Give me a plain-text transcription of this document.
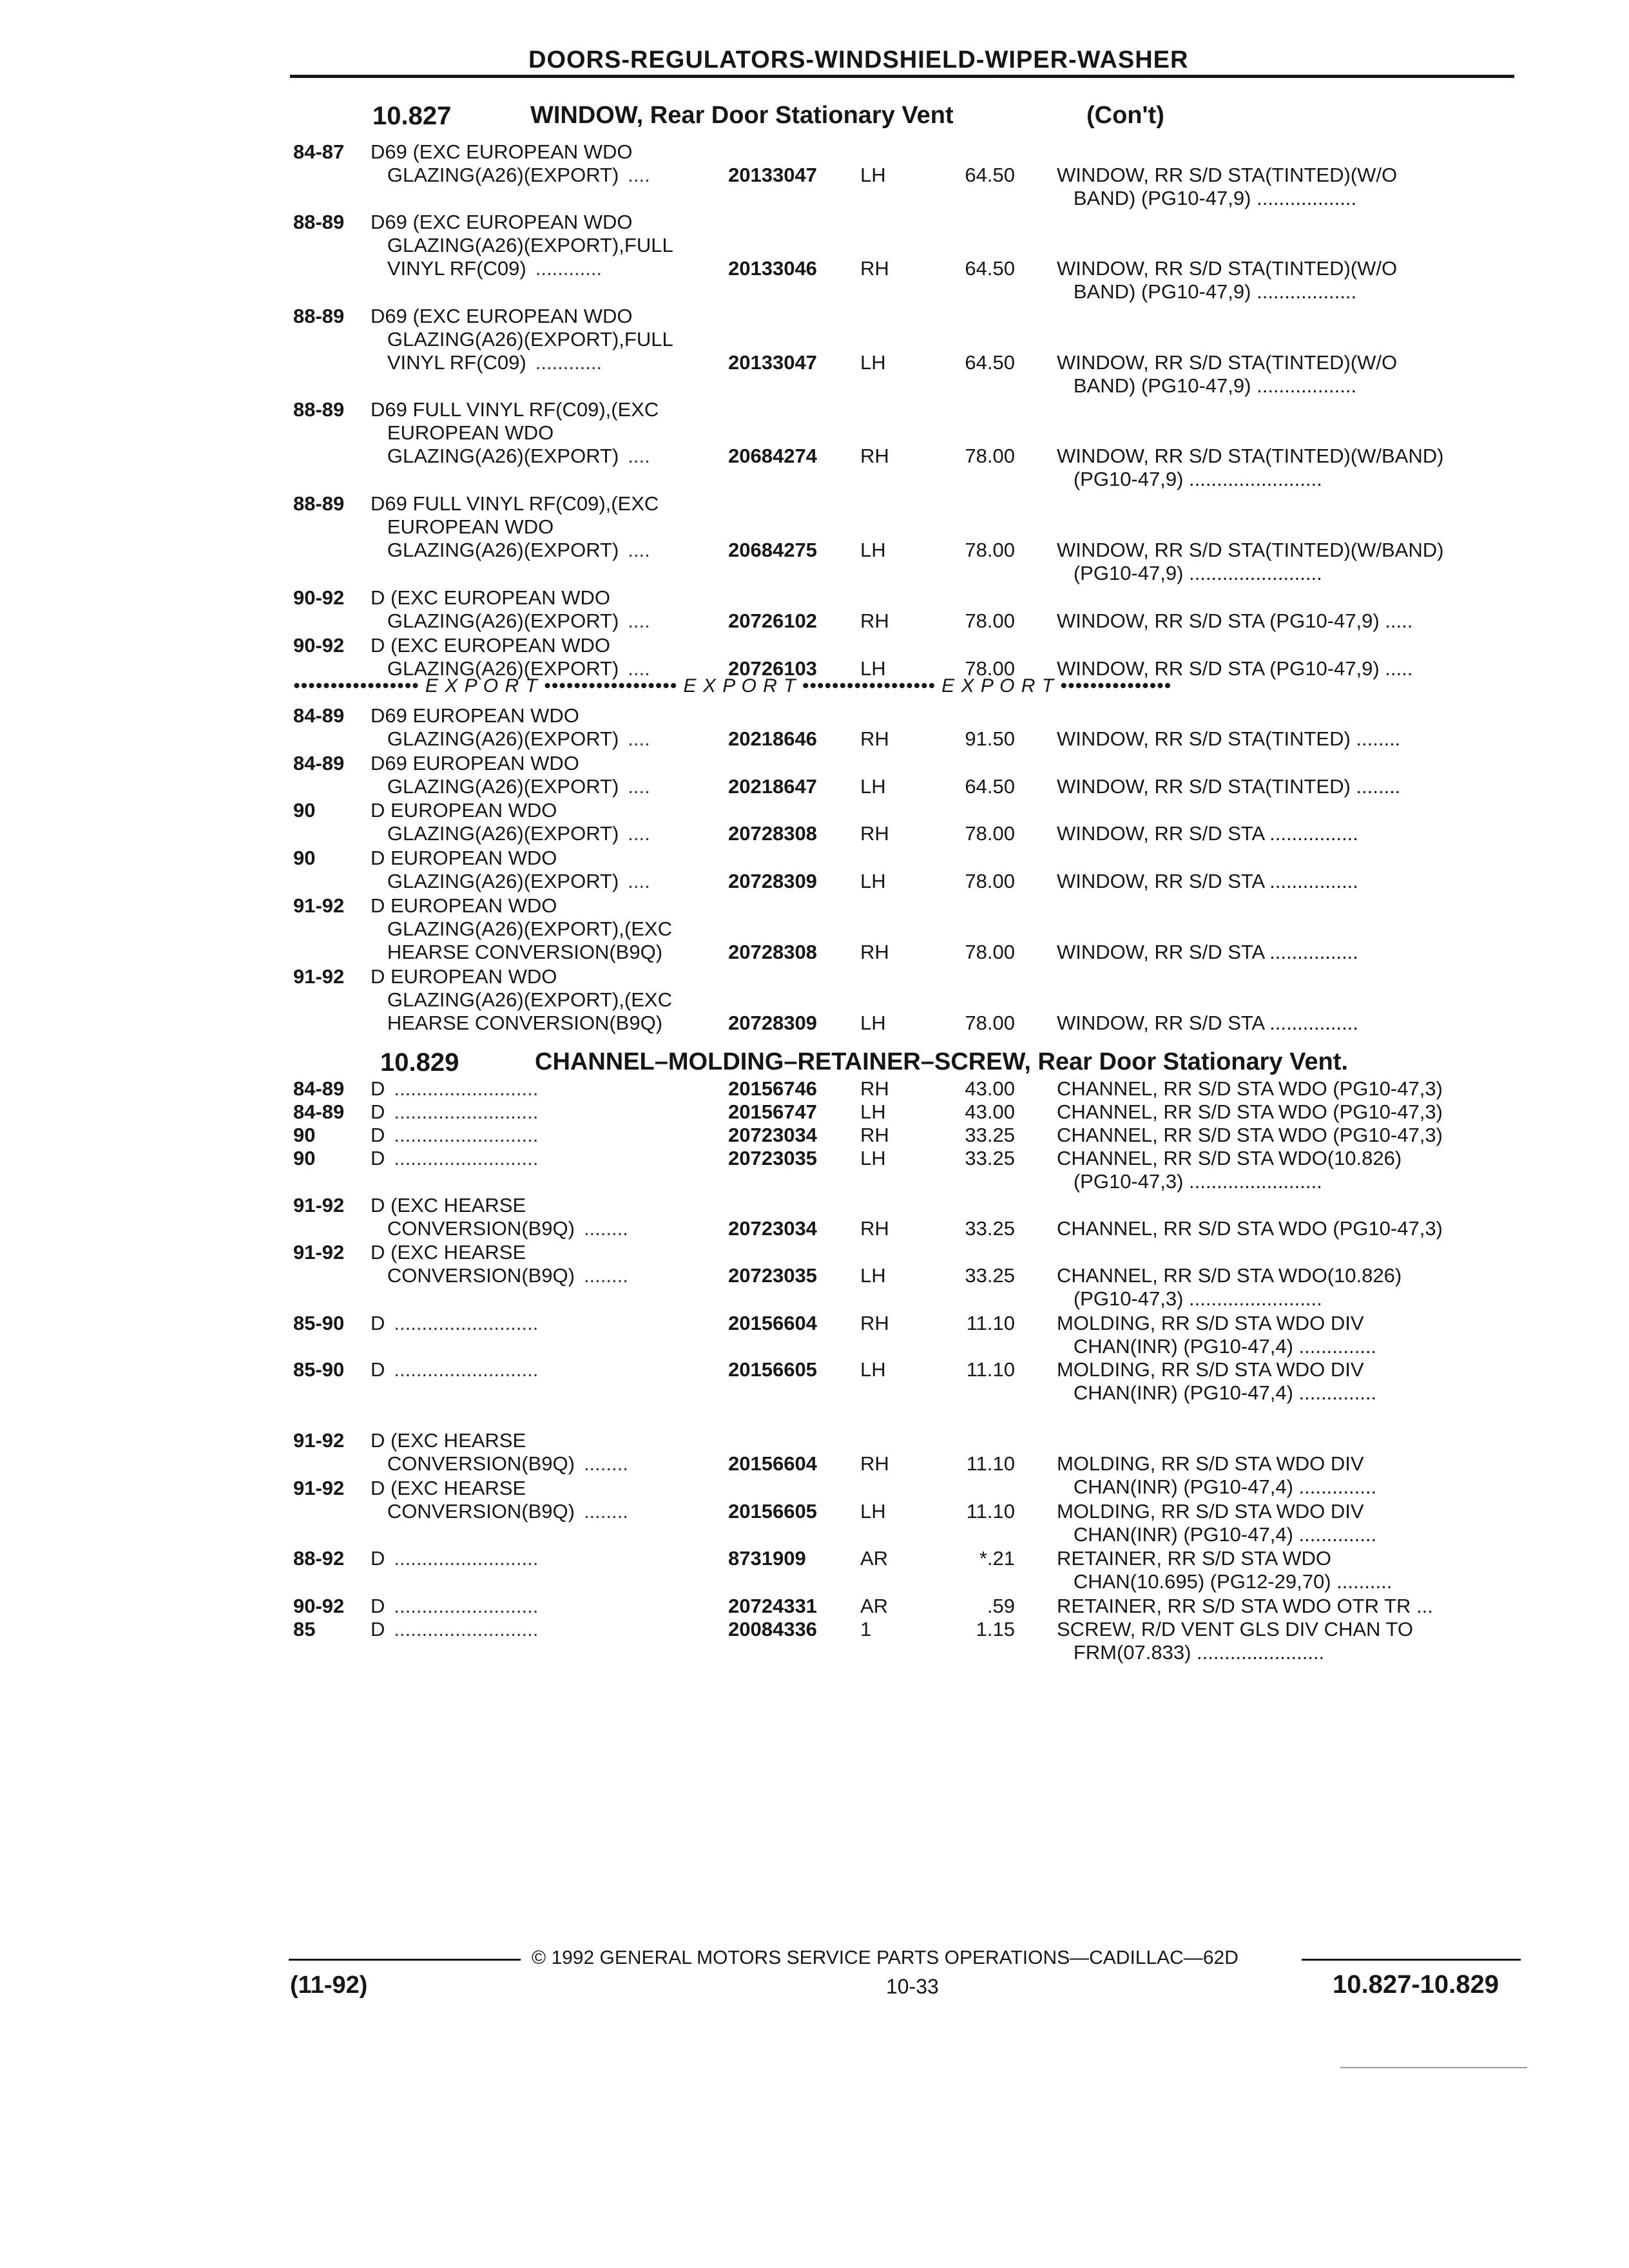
DOORS-REGULATORS-WINDSHIELD-WIPER-WASHER
10.827	WINDOW, Rear Door Stationary Vent	(Con't)
••••••••••••••••• E X P O R T •••••••••••••••••• E X P O R T •••••••••••••••••• E X P O R T •••••••••••••••
10.829	CHANNEL–MOLDING–RETAINER–SCREW, Rear Door Stationary Vent.
84-87 D69 (EXC EUROPEAN WDO
GLAZING(A26)(EXPORT) ....	20133047	LH	64.50 WINDOW, RR S/D STA(TINTED)(W/O
BAND) (PG10-47,9) ..................
88-89 D69 (EXC EUROPEAN WDO
GLAZING(A26)(EXPORT),FULL
VINYL RF(C09) ............	20133046	RH	64.50 WINDOW, RR S/D STA(TINTED)(W/O
BAND) (PG10-47,9) ..................
88-89 D69 (EXC EUROPEAN WDO
GLAZING(A26)(EXPORT),FULL
VINYL RF(C09) ............	20133047	LH	64.50 WINDOW, RR S/D STA(TINTED)(W/O
BAND) (PG10-47,9) ..................
88-89 D69 FULL VINYL RF(C09),(EXC
EUROPEAN WDO
GLAZING(A26)(EXPORT) ....	20684274	RH	78.00 WINDOW, RR S/D STA(TINTED)(W/BAND)
(PG10-47,9) ........................
88-89 D69 FULL VINYL RF(C09),(EXC
EUROPEAN WDO
GLAZING(A26)(EXPORT) ....	20684275	LH	78.00 WINDOW, RR S/D STA(TINTED)(W/BAND)
(PG10-47,9) ........................
90-92 D (EXC EUROPEAN WDO
GLAZING(A26)(EXPORT) ....	20726102	RH	78.00 WINDOW, RR S/D STA (PG10-47,9) .....
90-92 D (EXC EUROPEAN WDO
GLAZING(A26)(EXPORT) ....	20726103	LH	78.00 WINDOW, RR S/D STA (PG10-47,9) .....
84-89 D69 EUROPEAN WDO
GLAZING(A26)(EXPORT) ....	20218646	RH	91.50 WINDOW, RR S/D STA(TINTED) ........
84-89 D69 EUROPEAN WDO
GLAZING(A26)(EXPORT) ....	20218647	LH	64.50 WINDOW, RR S/D STA(TINTED) ........
90	D EUROPEAN WDO
GLAZING(A26)(EXPORT) ....	20728308	RH	78.00 WINDOW, RR S/D STA ................
90	D EUROPEAN WDO
GLAZING(A26)(EXPORT) ....	20728309	LH	78.00 WINDOW, RR S/D STA ................
91-92 D EUROPEAN WDO
GLAZING(A26)(EXPORT),(EXC
HEARSE CONVERSION(B9Q)	20728308	RH	78.00 WINDOW, RR S/D STA ................
91-92 D EUROPEAN WDO
GLAZING(A26)(EXPORT),(EXC
HEARSE CONVERSION(B9Q)	20728309	LH	78.00 WINDOW, RR S/D STA ................
84-89 D ..........................	20156746	RH	43.00 CHANNEL, RR S/D STA WDO (PG10-47,3)
84-89 D ..........................	20156747	LH	43.00 CHANNEL, RR S/D STA WDO (PG10-47,3)
90	D ..........................	20723034	RH	33.25 CHANNEL, RR S/D STA WDO (PG10-47,3)
90	D ..........................	20723035	LH	33.25 CHANNEL, RR S/D STA WDO(10.826)
(PG10-47,3) ........................
91-92 D (EXC HEARSE
CONVERSION(B9Q) ........	20723034	RH	33.25 CHANNEL, RR S/D STA WDO (PG10-47,3)
91-92 D (EXC HEARSE
CONVERSION(B9Q) ........	20723035	LH	33.25 CHANNEL, RR S/D STA WDO(10.826)
(PG10-47,3) ........................
85-90 D ..........................	20156604	RH	11.10 MOLDING, RR S/D STA WDO DIV
CHAN(INR) (PG10-47,4) ..............
85-90 D ..........................	20156605	LH	11.10 MOLDING, RR S/D STA WDO DIV
CHAN(INR) (PG10-47,4) ..............
91-92 D (EXC HEARSE
CONVERSION(B9Q) ........	20156604	RH	11.10 MOLDING, RR S/D STA WDO DIV
CHAN(INR) (PG10-47,4) ..............
91-92 D (EXC HEARSE
CONVERSION(B9Q) ........	20156605	LH	11.10 MOLDING, RR S/D STA WDO DIV
CHAN(INR) (PG10-47,4) ..............
88-92 D ..........................	8731909	AR	*.21 RETAINER, RR S/D STA WDO
CHAN(10.695) (PG12-29,70) ..........
90-92 D ..........................	20724331	AR	.59 RETAINER, RR S/D STA WDO OTR TR ...
85	D ..........................	20084336	1	1.15 SCREW, R/D VENT GLS DIV CHAN TO
FRM(07.833) .......................
© 1992 GENERAL MOTORS SERVICE PARTS OPERATIONS—CADILLAC—62D
(11-92)	10-33	10.827-10.829
